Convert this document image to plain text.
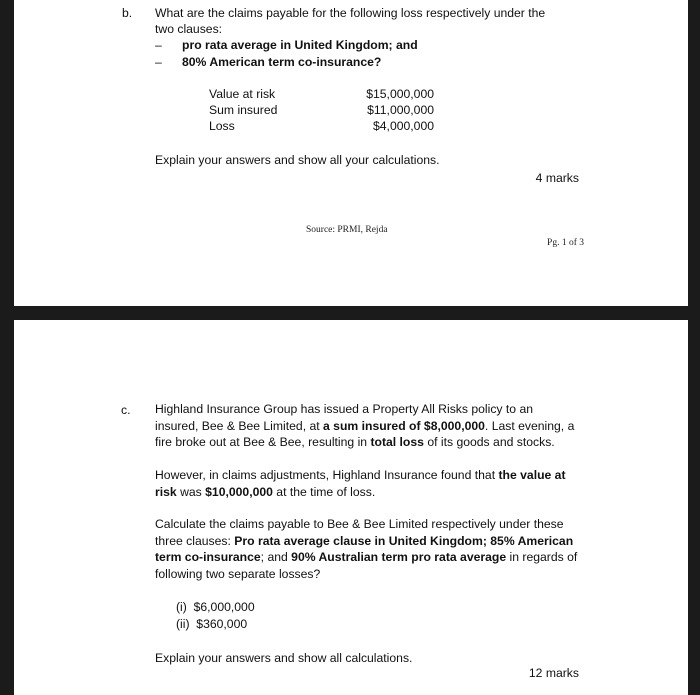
b. What are the claims payable for the following loss respectively under the
two clauses:
– pro rata average in United Kingdom; and
– 80% American term co-insurance?
Value at risk	$15,000,000
Sum insured	$11,000,000
Loss	$4,000,000
Explain your answers and show all your calculations.
4 marks
Source: PRMI, Rejda
Pg. 1 of 3
c. Highland Insurance Group has issued a Property All Risks policy to an
insured, Bee & Bee Limited, at a sum insured of $8,000,000. Last evening, a
fire broke out at Bee & Bee, resulting in total loss of its goods and stocks.
However, in claims adjustments, Highland Insurance found that the value at
risk was $10,000,000 at the time of loss.
Calculate the claims payable to Bee & Bee Limited respectively under these
three clauses: Pro rata average clause in United Kingdom; 85% American
term co-insurance; and 90% Australian term pro rata average in regards of
following two separate losses?
(i)  $6,000,000
(ii)  $360,000
Explain your answers and show all calculations.
12 marks
